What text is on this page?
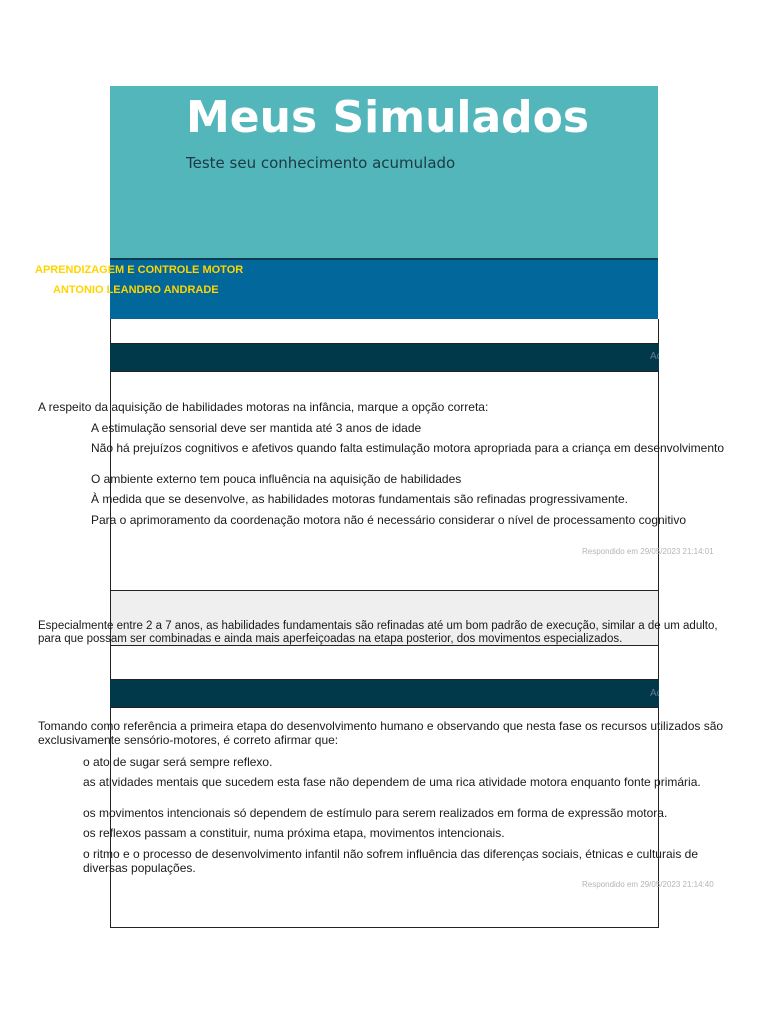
Meus Simulados
Teste seu conhecimento acumulado
APRENDIZAGEM E CONTROLE MOTOR
ANTONIO LEANDRO ANDRADE
Acerto
A respeito da aquisição de habilidades motoras na infância, marque a opção correta:
A estimulação sensorial deve ser mantida até 3 anos de idade
Não há prejuízos cognitivos e afetivos quando falta estimulação motora apropriada para a criança em desenvolvimento
O ambiente externo tem pouca influência na aquisição de habilidades
À medida que se desenvolve, as habilidades motoras fundamentais são refinadas progressivamente.
Para o aprimoramento da coordenação motora não é necessário considerar o nível de processamento cognitivo
Respondido em 29/05/2023 21:14:01
Especialmente entre 2 a 7 anos, as habilidades fundamentais são refinadas até um bom padrão de execução, similar a de um adulto, para que possam ser combinadas e ainda mais aperfeiçoadas na etapa posterior, dos movimentos especializados.
Acerto
Tomando como referência a primeira etapa do desenvolvimento humano e observando que nesta fase os recursos utilizados são exclusivamente sensório-motores, é correto afirmar que:
o ato de sugar será sempre reflexo.
as atividades mentais que sucedem esta fase não dependem de uma rica atividade motora enquanto fonte primária.
os movimentos intencionais só dependem de estímulo para serem realizados em forma de expressão motora.
os reflexos passam a constituir, numa próxima etapa, movimentos intencionais.
o ritmo e o processo de desenvolvimento infantil não sofrem influência das diferenças sociais, étnicas e culturais de diversas populações.
Respondido em 29/05/2023 21:14:40
